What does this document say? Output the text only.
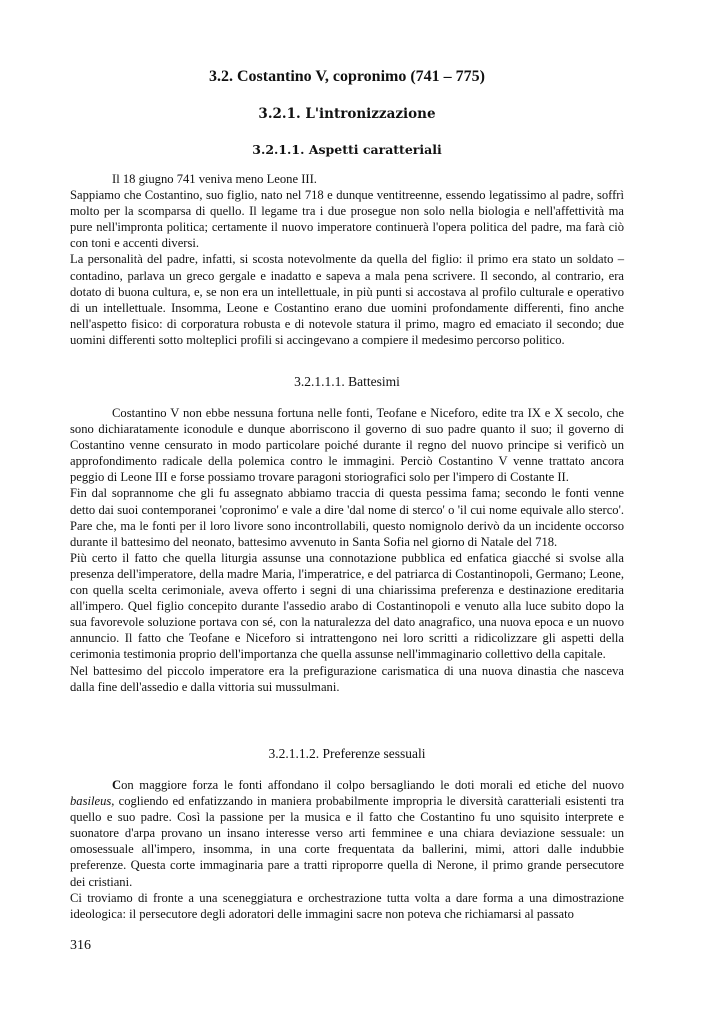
3.2. Costantino V, copronimo (741 – 775)
3.2.1. L'intronizzazione
3.2.1.1. Aspetti caratteriali

Il 18 giugno 741 veniva meno Leone III.

Sappiamo che Costantino, suo figlio, nato nel 718 e dunque ventitreenne, essendo legatissimo al padre, soffrì molto per la scomparsa di quello. Il legame tra i due prosegue non solo nella biologia e nell'affettività ma pure nell'impronta politica; certamente il nuovo imperatore continuerà l'opera politica del padre, ma farà ciò con toni e accenti diversi.

La personalità del padre, infatti, si scosta notevolmente da quella del figlio: il primo era stato un soldato – contadino, parlava un greco gergale e inadatto e sapeva a mala pena scrivere. Il secondo, al contrario, era dotato di buona cultura, e, se non era un intellettuale, in più punti si accostava al profilo culturale e operativo di un intellettuale. Insomma, Leone e Costantino erano due uomini profondamente differenti, fino anche nell'aspetto fisico: di corporatura robusta e di notevole statura il primo, magro ed emaciato il secondo; due uomini differenti sotto molteplici profili si accingevano a compiere il medesimo percorso politico.

3.2.1.1.1. Battesimi

Costantino V non ebbe nessuna fortuna nelle fonti, Teofane e Niceforo, edite tra IX e X secolo, che sono dichiaratamente iconodule e dunque aborriscono il governo di suo padre quanto il suo; il governo di Costantino venne censurato in modo particolare poiché durante il regno del nuovo principe si verificò un approfondimento radicale della polemica contro le immagini. Perciò Costantino V venne trattato ancora peggio di Leone III e forse possiamo trovare paragoni storiografici solo per l'impero di Costante II.

Fin dal soprannome che gli fu assegnato abbiamo traccia di questa pessima fama; secondo le fonti venne detto dai suoi contemporanei 'copronimo' e vale a dire 'dal nome di sterco' o 'il cui nome equivale allo sterco'. Pare che, ma le fonti per il loro livore sono incontrollabili, questo nomignolo derivò da un incidente occorso durante il battesimo del neonato, battesimo avvenuto in Santa Sofia nel giorno di Natale del 718.

Più certo il fatto che quella liturgia assunse una connotazione pubblica ed enfatica giacché si svolse alla presenza dell'imperatore, della madre Maria, l'imperatrice, e del patriarca di Costantinopoli, Germano; Leone, con quella scelta cerimoniale, aveva offerto i segni di una chiarissima preferenza e destinazione ereditaria all'impero. Quel figlio concepito durante l'assedio arabo di Costantinopoli e venuto alla luce subito dopo la sua favorevole soluzione portava con sé, con la naturalezza del dato anagrafico, una nuova epoca e un nuovo annuncio. Il fatto che Teofane e Niceforo si intrattengono nei loro scritti a ridicolizzare gli aspetti della cerimonia testimonia proprio dell'importanza che quella assunse nell'immaginario collettivo della capitale.

Nel battesimo del piccolo imperatore era la prefigurazione carismatica di una nuova dinastia che nasceva dalla fine dell'assedio e dalla vittoria sui mussulmani.

3.2.1.1.2. Preferenze sessuali

Con maggiore forza le fonti affondano il colpo bersagliando le doti morali ed etiche del nuovo basileus, cogliendo ed enfatizzando in maniera probabilmente impropria le diversità caratteriali esistenti tra quello e suo padre. Così la passione per la musica e il fatto che Costantino fu uno squisito interprete e suonatore d'arpa provano un insano interesse verso arti femminee e una chiara deviazione sessuale: un omosessuale all'impero, insomma, in una corte frequentata da ballerini, mimi, attori dalle indubbie preferenze. Questa corte immaginaria pare a tratti riproporre quella di Nerone, il primo grande persecutore dei cristiani.

Ci troviamo di fronte a una sceneggiatura e orchestrazione tutta volta a dare forma a una dimostrazione ideologica: il persecutore degli adoratori delle immagini sacre non poteva che richiamarsi al passato

316
